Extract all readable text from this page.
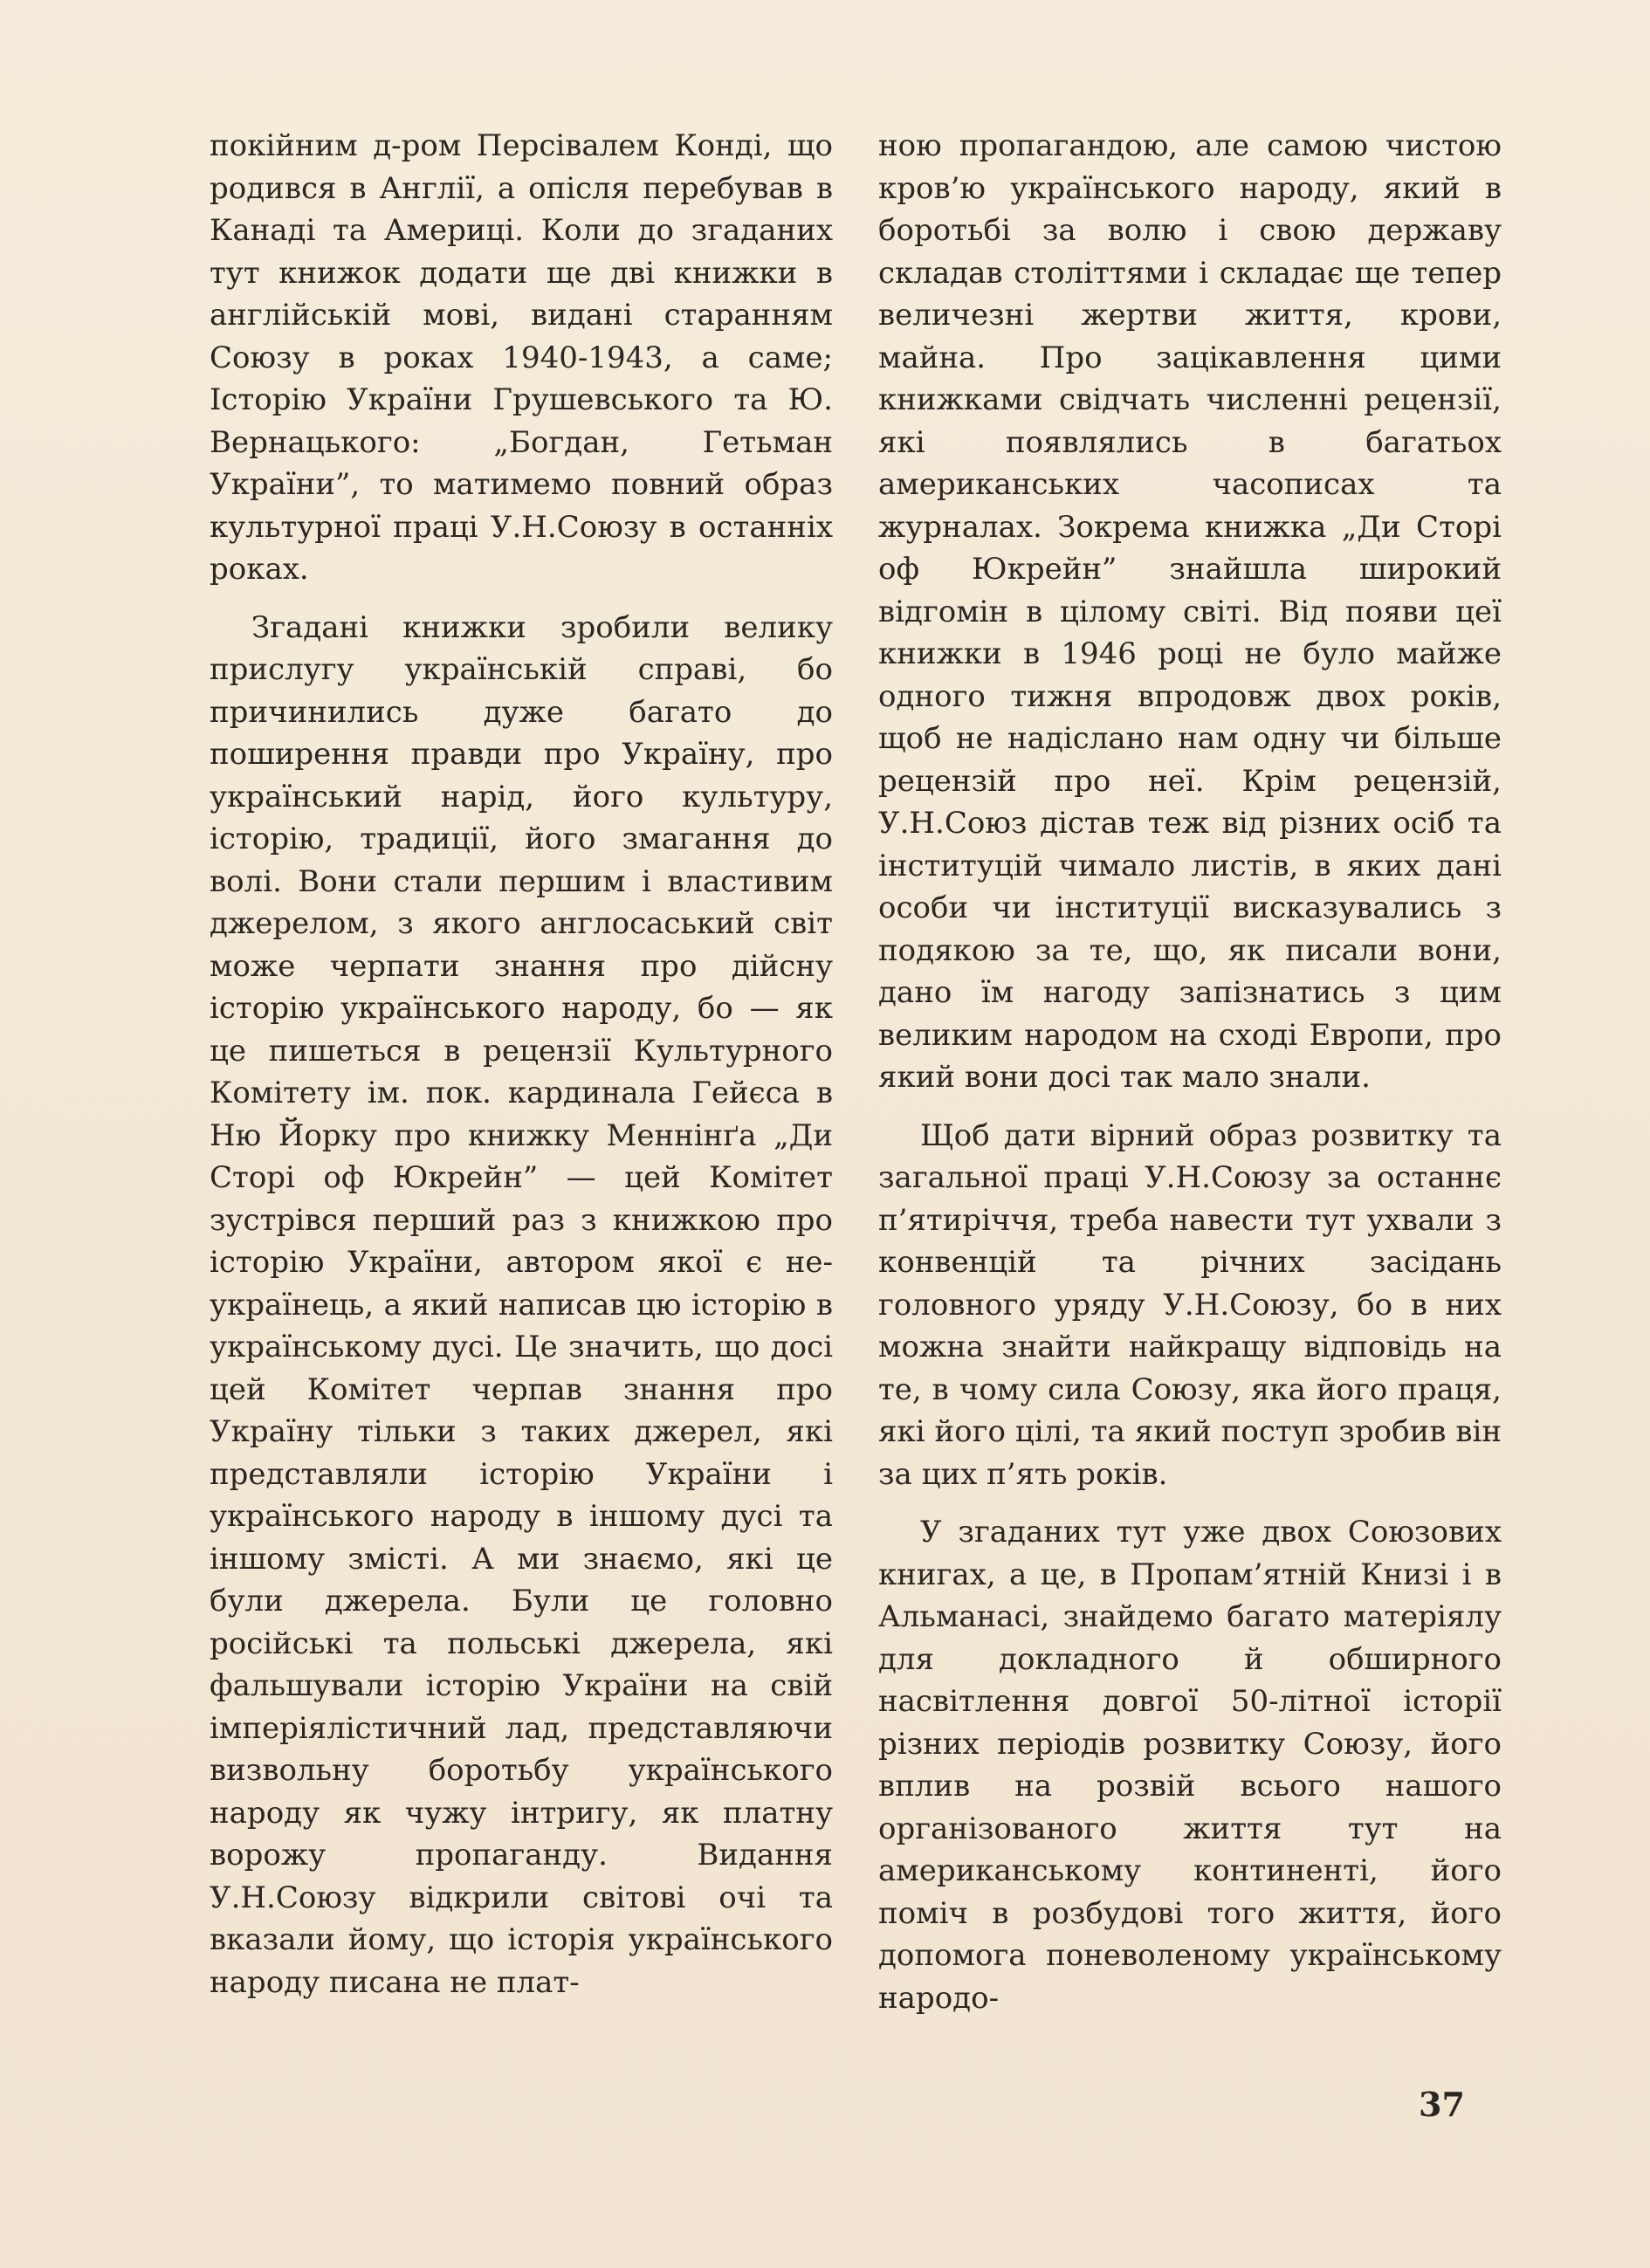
покійним д-ром Персівалем Конді, що родився в Англії, а опісля перебував в Канаді та Америці. Коли до згаданих тут книжок додати ще дві книжки в англійській мові, видані старанням Союзу в роках 1940-1943, а саме; Історію України Грушевського та Ю. Вернацького: „Богдан, Гетьман України”, то матимемо повний образ культурної праці У.Н.Союзу в останніх роках.

Згадані книжки зробили велику прислугу українській справі, бо причинились дуже багато до поширення правди про Україну, про український нарід, його культуру, історію, традиції, його змагання до волі. Вони стали першим і властивим джерелом, з якого англосаський світ може черпати знання про дійсну історію українського народу, бо — як це пишеться в рецензії Культурного Комітету ім. пок. кардинала Гейєса в Ню Йорку про книжку Меннінґа „Ди Сторі оф Юкрейн” — цей Комітет зустрівся перший раз з книжкою про історію України, автором якої є не-українець, а який написав цю історію в українському дусі. Це значить, що досі цей Комітет черпав знання про Україну тільки з таких джерел, які представляли історію України і українського народу в іншому дусі та іншому змісті. А ми знаємо, які це були джерела. Були це головно російські та польські джерела, які фальшували історію України на свій імперіялістичний лад, представляючи визвольну боротьбу українського народу як чужу інтригу, як платну ворожу пропаганду. Видання У.Н.Союзу відкрили світові очі та вказали йому, що історія українського народу писана не плат-

ною пропагандою, але самою чистою кров’ю українського народу, який в боротьбі за волю і свою державу складав століттями і складає ще тепер величезні жертви життя, крови, майна. Про зацікавлення цими книжками свідчать численні рецензії, які появлялись в багатьох американських часописах та журналах. Зокрема книжка „Ди Сторі оф Юкрейн” знайшла широкий відгомін в цілому світі. Від появи цеї книжки в 1946 році не було майже одного тижня впродовж двох років, щоб не надіслано нам одну чи більше рецензій про неї. Крім рецензій, У.Н.Союз дістав теж від різних осіб та інституцій чимало листів, в яких дані особи чи інституції висказувались з подякою за те, що, як писали вони, дано їм нагоду запізнатись з цим великим народом на сході Европи, про який вони досі так мало знали.

Щоб дати вірний образ розвитку та загальної праці У.Н.Союзу за останнє п’ятиріччя, треба навести тут ухвали з конвенцій та річних засідань головного уряду У.Н.Союзу, бо в них можна знайти найкращу відповідь на те, в чому сила Союзу, яка його праця, які його цілі, та який поступ зробив він за цих п’ять років.

У згаданих тут уже двох Союзових книгах, а це, в Пропам’ятній Книзі і в Альманасі, знайдемо багато матеріялу для докладного й обширного насвітлення довгої 50-літної історії різних періодів розвитку Союзу, його вплив на розвій всього нашого організованого життя тут на американському континенті, його поміч в розбудові того життя, його допомога поневоленому українському народо-

37
